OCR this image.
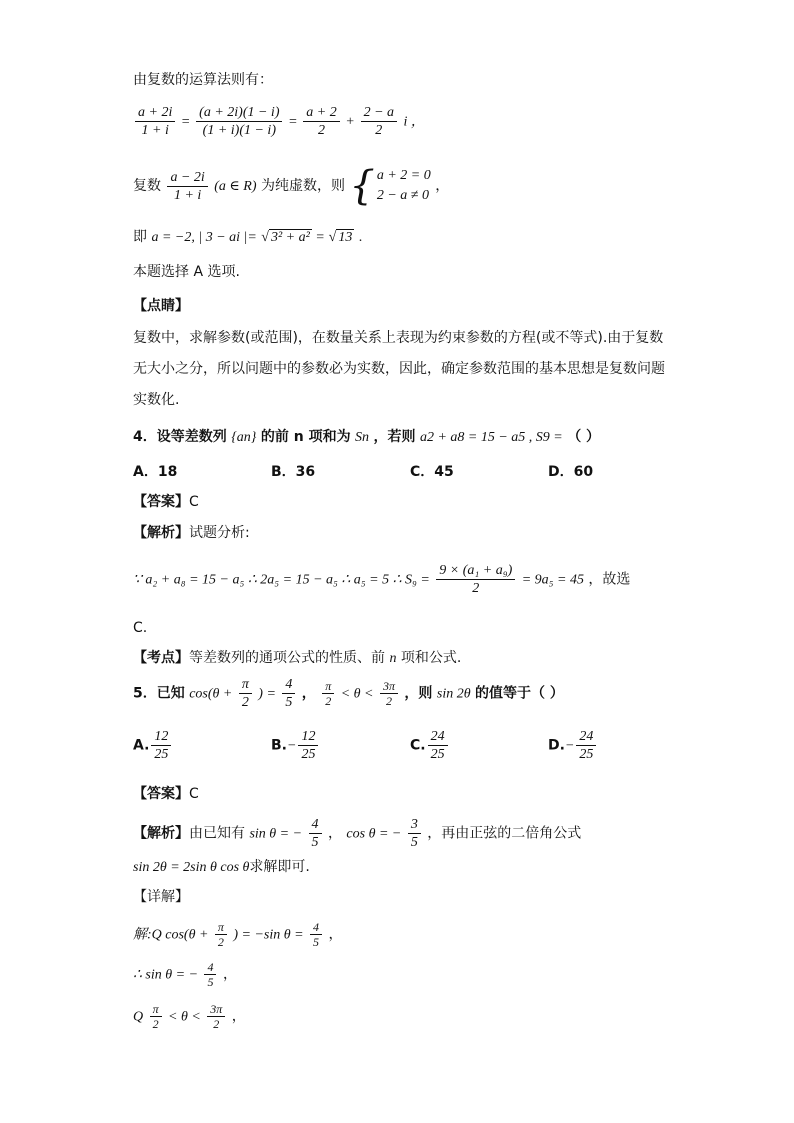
由复数的运算法则有：
$\frac{a + 2i}{1 + i} = \frac{(a + 2i)(1 - i)}{(1 + i)(1 - i)} = \frac{a + 2}{2} + \frac{2 - a}{2}$ i ，
复数 $\frac{a - 2i}{1 + i} (a$ ∈ R) 为纯虚数，则 { a + 2 = 0
2 − a ≠ 0
，
即 a = −2, | 3 − ai |= √ 3² + a² = √ 13 .
本题选择 A 选项.
【点睛】
复数中，求解参数(或范围)，在数量关系上表现为约束参数的方程(或不等式).由于复数
无大小之分，所以问题中的参数必为实数，因此，确定参数范围的基本思想是复数问题
实数化.
4．设等差数列 {an} 的前 n 项和为 Sn ，若则 a2 + a8 = 15 − a5 , S9 = （ ）
A．18	B．36	C．45	D．60
【答案】C
【解析】试题分析:
∵ a₂ + a₈ = 15 − a₅ ∴ 2a₅ = 15 − a₅ ∴ a₅ = 5 ∴ $S_9 = \frac{\text{9 × (a₁ + a₉)}}{2} = 9a_5 = 45$ ，故选
C.
【考点】等差数列的通项公式的性质、前 n 项和公式.
5．已知 $\cos(\theta + \frac{\pi}{2}$ ) = $\frac{4}{5}$ ， $\frac{\pi}{2} < \theta < \frac{3\pi}{2}$ ，则 sin 2θ 的值等于（ ）
A. $\frac{12}{25}$	$B.- \frac{12}{25}$	C. $\frac{24}{25}$	$D.- \frac{24}{25}$
【答案】C
【解析】由已知有 sin θ = − $\frac{4}{5}$ ， cos θ = − $\frac{3}{5}$ ，再由正弦的二倍角公式
sin 2θ = 2sin θ cos θ求解即可.
【详解】
解:Q $\cos(\theta + \frac{\pi}{2}$ ) = −sin $\theta = \frac{4}{5}$ ，
∴ sin θ = − $\frac{4}{5}$ ，
Q $\frac{\pi}{2} < \theta < \frac{3\pi}{2}$ ，
